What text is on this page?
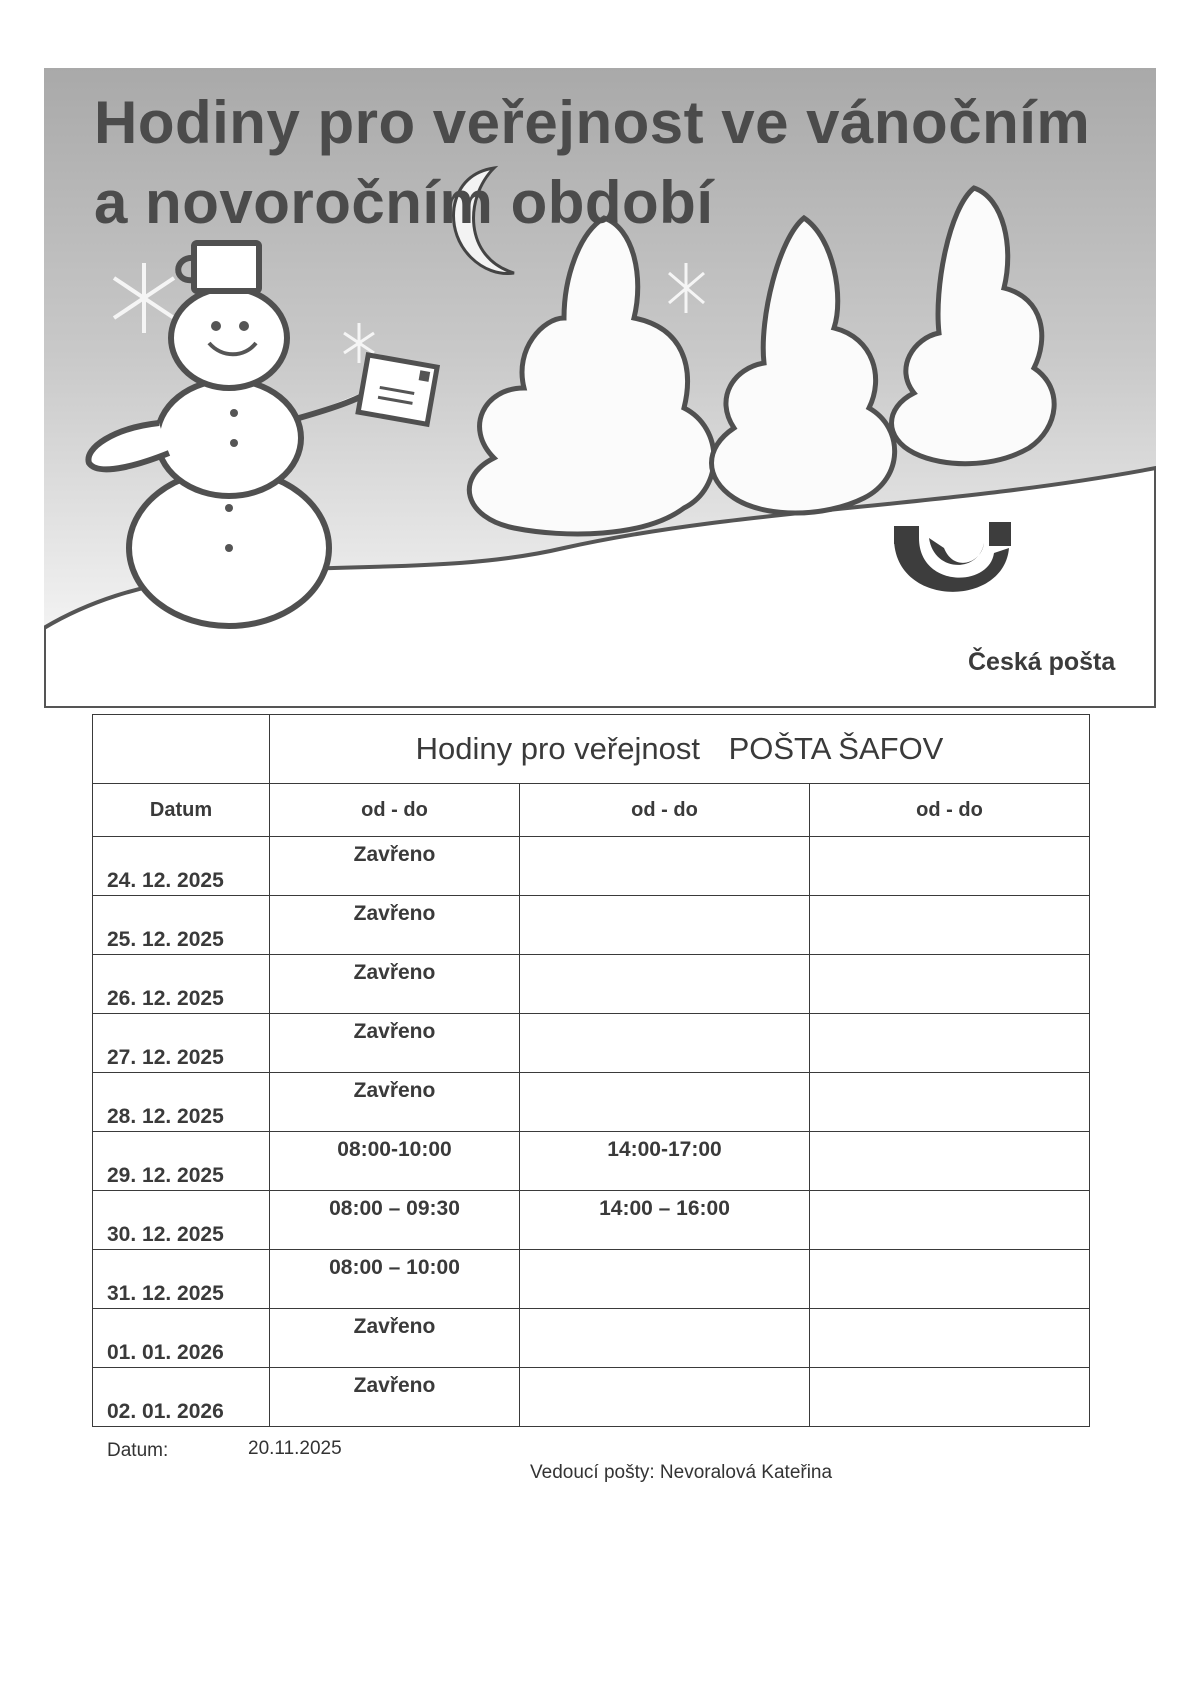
Hodiny pro veřejnost ve vánočním
a novoročním období
Česká pošta
	Hodiny pro veřejnost POŠTA ŠAFOV		
Datum	od - do	od - do	od - do
24. 12. 2025	Zavřeno		
25. 12. 2025	Zavřeno		
26. 12. 2025	Zavřeno		
27. 12. 2025	Zavřeno		
28. 12. 2025	Zavřeno		
29. 12. 2025	08:00-10:00	14:00-17:00	
30. 12. 2025	08:00 – 09:30	14:00 – 16:00	
31. 12. 2025	08:00 – 10:00		
01. 01. 2026	Zavřeno		
02. 01. 2026	Zavřeno		
Datum:	20.11.2025
Vedoucí pošty: Nevoralová Kateřina
